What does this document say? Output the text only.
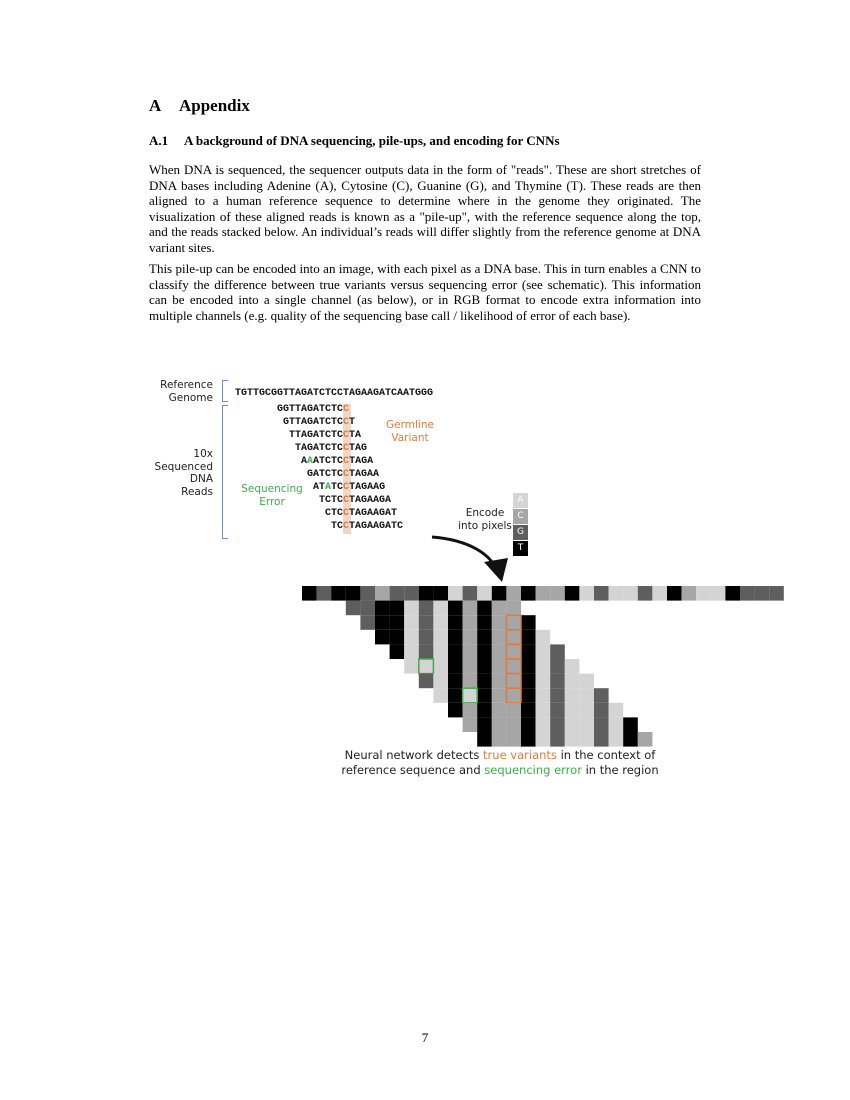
A Appendix
A.1 A background of DNA sequencing, pile-ups, and encoding for CNNs

When DNA is sequenced, the sequencer outputs data in the form of "reads". These are short stretches of DNA bases including Adenine (A), Cytosine (C), Guanine (G), and Thymine (T). These reads are then aligned to a human reference sequence to determine where in the genome they originated. The visualization of these aligned reads is known as a "pile-up", with the reference sequence along the top, and the reads stacked below. An individual’s reads will differ slightly from the reference genome at DNA variant sites.

This pile-up can be encoded into an image, with each pixel as a DNA base. This in turn enables a CNN to classify the difference between true variants versus sequencing error (see schematic). This information can be encoded into a single channel (as below), or in RGB format to encode extra information into multiple channels (e.g. quality of the sequencing base call / likelihood of error of each base).

Reference
Genome TGTTGCGGTTAGATCTCCTAGAAGATCAATGGG
10x
Sequenced
DNA
Reads
GGTTAGATCTCC
GTTAGATCTCCT
TTAGATCTCCTA
TAGATCTCCTAG
AAATCTCCTAGA
GATCTCCTAGAA
ATATCCTAGAAG
TCTCCTAGAAGA
CTCCTAGAAGAT
TCCTAGAAGATC
Germline
Variant
Sequencing
Error
Encode
into pixels
A
C
G
T
Neural network detects true variants in the context of reference sequence and sequencing error in the region
7
